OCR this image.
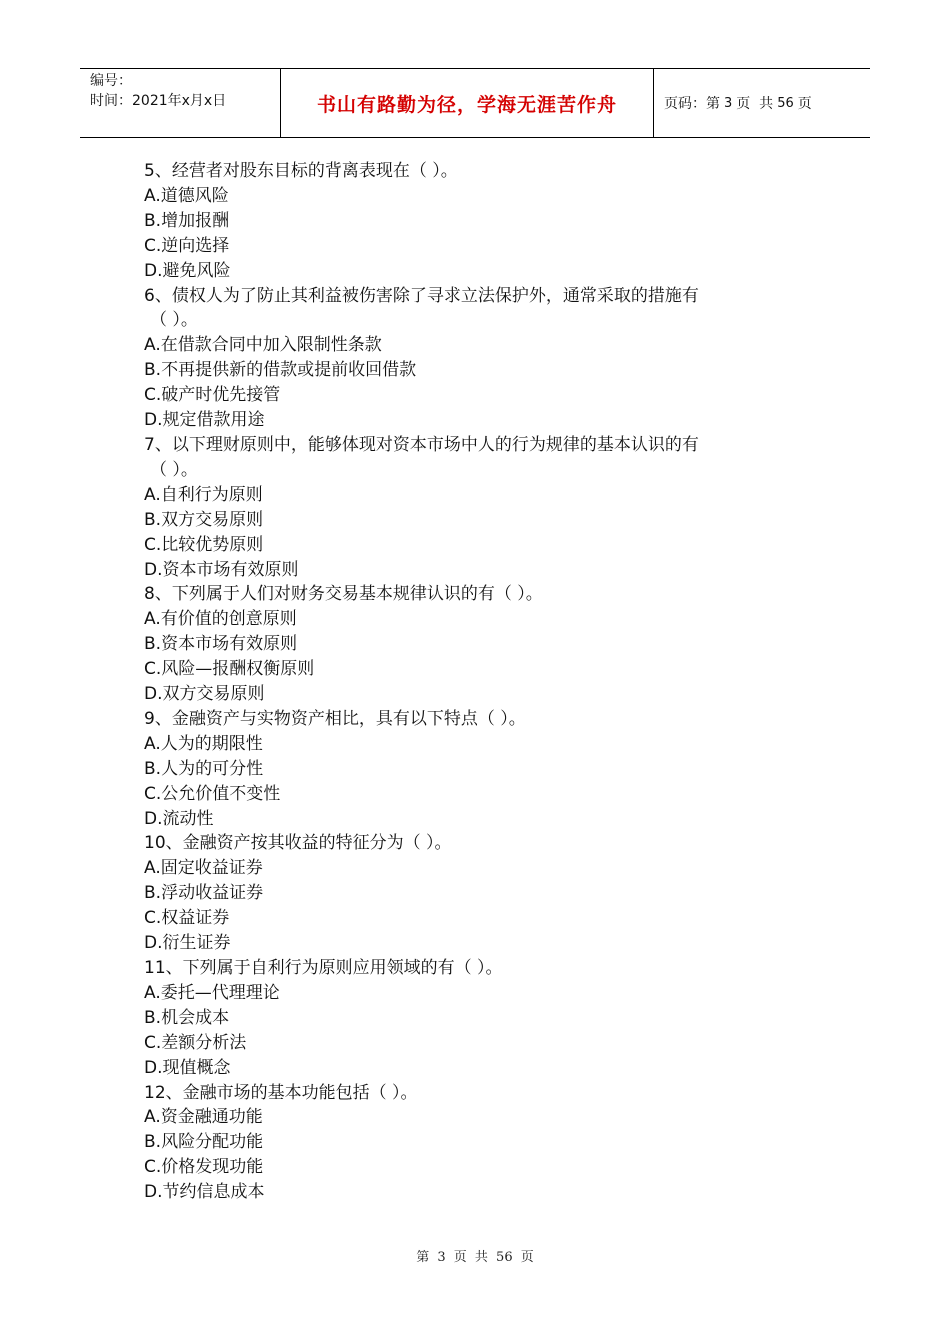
编号：
时间：2021年x月x日	书山有路勤为径，学海无涯苦作舟	页码：第 3 页  共 56 页
5、经营者对股东目标的背离表现在（ ）。
A.道德风险
B.增加报酬
C.逆向选择
D.避免风险
6、债权人为了防止其利益被伤害除了寻求立法保护外，通常采取的措施有
（ ）。
A.在借款合同中加入限制性条款
B.不再提供新的借款或提前收回借款
C.破产时优先接管
D.规定借款用途
7、以下理财原则中，能够体现对资本市场中人的行为规律的基本认识的有
（ ）。
A.自利行为原则
B.双方交易原则
C.比较优势原则
D.资本市场有效原则
8、下列属于人们对财务交易基本规律认识的有（ ）。
A.有价值的创意原则
B.资本市场有效原则
C.风险—报酬权衡原则
D.双方交易原则
9、金融资产与实物资产相比，具有以下特点（ ）。
A.人为的期限性
B.人为的可分性
C.公允价值不变性
D.流动性
10、金融资产按其收益的特征分为（ ）。
A.固定收益证券
B.浮动收益证券
C.权益证券
D.衍生证券
11、下列属于自利行为原则应用领域的有（ ）。
A.委托—代理理论
B.机会成本
C.差额分析法
D.现值概念
12、金融市场的基本功能包括（ ）。
A.资金融通功能
B.风险分配功能
C.价格发现功能
D.节约信息成本
第 3 页 共 56 页
